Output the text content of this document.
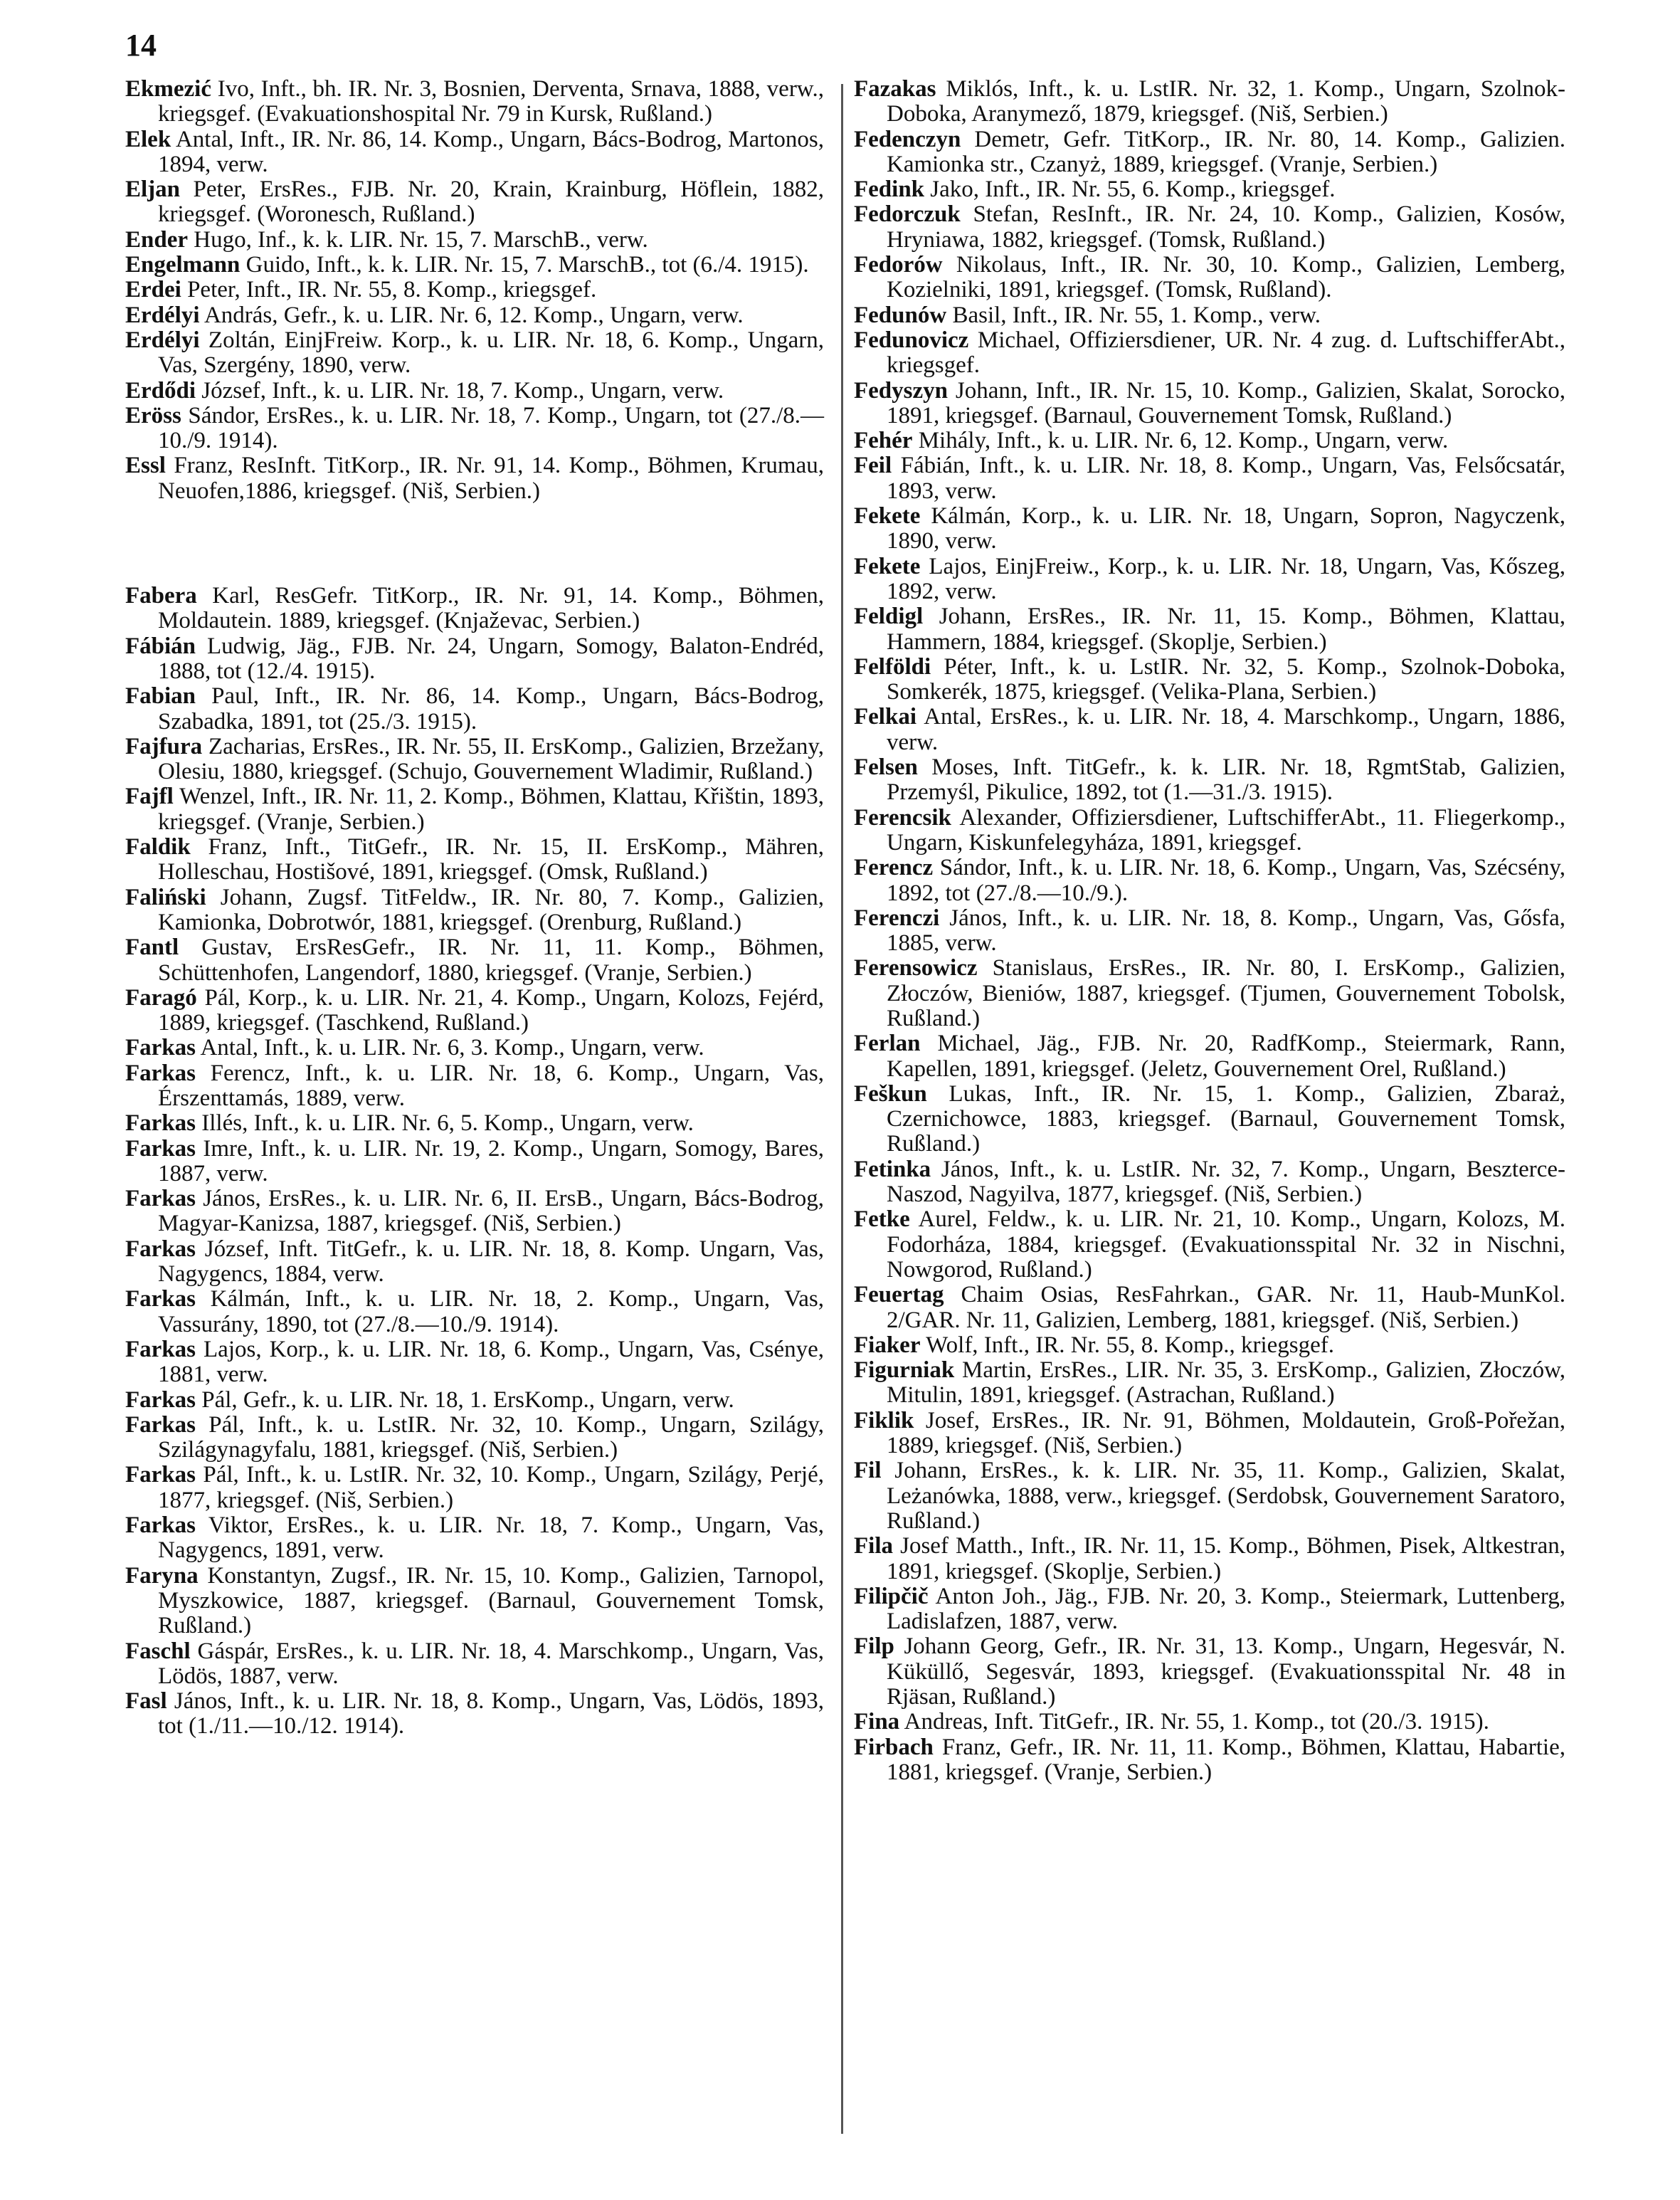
14

Ekmezić Ivo, Inft., bh. IR. Nr. 3, Bosnien, Derventa, Srnava, 1888, verw., kriegsgef. (Evakuationshospital Nr. 79 in Kursk, Rußland.)

Elek Antal, Inft., IR. Nr. 86, 14. Komp., Ungarn, Bács-Bodrog, Martonos, 1894, verw.

Eljan Peter, ErsRes., FJB. Nr. 20, Krain, Krainburg, Höflein, 1882, kriegsgef. (Woronesch, Rußland.)

Ender Hugo, Inf., k. k. LIR. Nr. 15, 7. MarschB., verw.

Engelmann Guido, Inft., k. k. LIR. Nr. 15, 7. MarschB., tot (6./4. 1915).

Erdei Peter, Inft., IR. Nr. 55, 8. Komp., kriegsgef.

Erdélyi András, Gefr., k. u. LIR. Nr. 6, 12. Komp., Ungarn, verw.

Erdélyi Zoltán, EinjFreiw. Korp., k. u. LIR. Nr. 18, 6. Komp., Ungarn, Vas, Szergény, 1890, verw.

Erdődi József, Inft., k. u. LIR. Nr. 18, 7. Komp., Ungarn, verw.

Eröss Sándor, ErsRes., k. u. LIR. Nr. 18, 7. Komp., Ungarn, tot (27./8.—10./9. 1914).

Essl Franz, ResInft. TitKorp., IR. Nr. 91, 14. Komp., Böhmen, Krumau, Neuofen,1886, kriegsgef. (Niš, Serbien.)

Fabera Karl, ResGefr. TitKorp., IR. Nr. 91, 14. Komp., Böhmen, Moldautein. 1889, kriegsgef. (Knjaževac, Serbien.)

Fábián Ludwig, Jäg., FJB. Nr. 24, Ungarn, Somogy, Balaton-Endréd, 1888, tot (12./4. 1915).

Fabian Paul, Inft., IR. Nr. 86, 14. Komp., Ungarn, Bács-Bodrog, Szabadka, 1891, tot (25./3. 1915).

Fajfura Zacharias, ErsRes., IR. Nr. 55, II. ErsKomp., Galizien, Brzežany, Olesiu, 1880, kriegsgef. (Schujo, Gouvernement Wladimir, Rußland.)

Fajfl Wenzel, Inft., IR. Nr. 11, 2. Komp., Böhmen, Klattau, Křištin, 1893, kriegsgef. (Vranje, Serbien.)

Faldik Franz, Inft., TitGefr., IR. Nr. 15, II. ErsKomp., Mähren, Holleschau, Hostišové, 1891, kriegsgef. (Omsk, Rußland.)

Faliński Johann, Zugsf. TitFeldw., IR. Nr. 80, 7. Komp., Galizien, Kamionka, Dobrotwór, 1881, kriegsgef. (Orenburg, Rußland.)

Fantl Gustav, ErsResGefr., IR. Nr. 11, 11. Komp., Böhmen, Schüttenhofen, Langendorf, 1880, kriegsgef. (Vranje, Serbien.)

Faragó Pál, Korp., k. u. LIR. Nr. 21, 4. Komp., Ungarn, Kolozs, Fejérd, 1889, kriegsgef. (Taschkend, Rußland.)

Farkas Antal, Inft., k. u. LIR. Nr. 6, 3. Komp., Ungarn, verw.

Farkas Ferencz, Inft., k. u. LIR. Nr. 18, 6. Komp., Ungarn, Vas, Érszenttamás, 1889, verw.

Farkas Illés, Inft., k. u. LIR. Nr. 6, 5. Komp., Ungarn, verw.

Farkas Imre, Inft., k. u. LIR. Nr. 19, 2. Komp., Ungarn, Somogy, Bares, 1887, verw.

Farkas János, ErsRes., k. u. LIR. Nr. 6, II. ErsB., Ungarn, Bács-Bodrog, Magyar-Kanizsa, 1887, kriegsgef. (Niš, Serbien.)

Farkas József, Inft. TitGefr., k. u. LIR. Nr. 18, 8. Komp. Ungarn, Vas, Nagygencs, 1884, verw.

Farkas Kálmán, Inft., k. u. LIR. Nr. 18, 2. Komp., Ungarn, Vas, Vassurány, 1890, tot (27./8.—10./9. 1914).

Farkas Lajos, Korp., k. u. LIR. Nr. 18, 6. Komp., Ungarn, Vas, Csénye, 1881, verw.

Farkas Pál, Gefr., k. u. LIR. Nr. 18, 1. ErsKomp., Ungarn, verw.

Farkas Pál, Inft., k. u. LstIR. Nr. 32, 10. Komp., Ungarn, Szilágy, Szilágynagyfalu, 1881, kriegsgef. (Niš, Serbien.)

Farkas Pál, Inft., k. u. LstIR. Nr. 32, 10. Komp., Ungarn, Szilágy, Perjé, 1877, kriegsgef. (Niš, Serbien.)

Farkas Viktor, ErsRes., k. u. LIR. Nr. 18, 7. Komp., Ungarn, Vas, Nagygencs, 1891, verw.

Faryna Konstantyn, Zugsf., IR. Nr. 15, 10. Komp., Galizien, Tarnopol, Myszkowice, 1887, kriegsgef. (Barnaul, Gouvernement Tomsk, Rußland.)

Faschl Gáspár, ErsRes., k. u. LIR. Nr. 18, 4. Marschkomp., Ungarn, Vas, Lödös, 1887, verw.

Fasl János, Inft., k. u. LIR. Nr. 18, 8. Komp., Ungarn, Vas, Lödös, 1893, tot (1./11.—10./12. 1914).

Fazakas Miklós, Inft., k. u. LstIR. Nr. 32, 1. Komp., Ungarn, Szolnok-Doboka, Aranymező, 1879, kriegsgef. (Niš, Serbien.)

Fedenczyn Demetr, Gefr. TitKorp., IR. Nr. 80, 14. Komp., Galizien. Kamionka str., Czanyż, 1889, kriegsgef. (Vranje, Serbien.)

Fedink Jako, Inft., IR. Nr. 55, 6. Komp., kriegsgef.

Fedorczuk Stefan, ResInft., IR. Nr. 24, 10. Komp., Galizien, Kosów, Hryniawa, 1882, kriegsgef. (Tomsk, Rußland.)

Fedorów Nikolaus, Inft., IR. Nr. 30, 10. Komp., Galizien, Lemberg, Kozielniki, 1891, kriegsgef. (Tomsk, Rußland).

Fedunów Basil, Inft., IR. Nr. 55, 1. Komp., verw.

Fedunovicz Michael, Offiziersdiener, UR. Nr. 4 zug. d. LuftschifferAbt., kriegsgef.

Fedyszyn Johann, Inft., IR. Nr. 15, 10. Komp., Galizien, Skalat, Sorocko, 1891, kriegsgef. (Barnaul, Gouvernement Tomsk, Rußland.)

Fehér Mihály, Inft., k. u. LIR. Nr. 6, 12. Komp., Ungarn, verw.

Feil Fábián, Inft., k. u. LIR. Nr. 18, 8. Komp., Ungarn, Vas, Felsőcsatár, 1893, verw.

Fekete Kálmán, Korp., k. u. LIR. Nr. 18, Ungarn, Sopron, Nagyczenk, 1890, verw.

Fekete Lajos, EinjFreiw., Korp., k. u. LIR. Nr. 18, Ungarn, Vas, Kőszeg, 1892, verw.

Feldigl Johann, ErsRes., IR. Nr. 11, 15. Komp., Böhmen, Klattau, Hammern, 1884, kriegsgef. (Skoplje, Serbien.)

Felföldi Péter, Inft., k. u. LstIR. Nr. 32, 5. Komp., Szolnok-Doboka, Somkerék, 1875, kriegsgef. (Velika-Plana, Serbien.)

Felkai Antal, ErsRes., k. u. LIR. Nr. 18, 4. Marschkomp., Ungarn, 1886, verw.

Felsen Moses, Inft. TitGefr., k. k. LIR. Nr. 18, RgmtStab, Galizien, Przemyśl, Pikulice, 1892, tot (1.—31./3. 1915).

Ferencsik Alexander, Offiziersdiener, LuftschifferAbt., 11. Fliegerkomp., Ungarn, Kiskunfelegyháza, 1891, kriegsgef.

Ferencz Sándor, Inft., k. u. LIR. Nr. 18, 6. Komp., Ungarn, Vas, Szécsény, 1892, tot (27./8.—10./9.).

Ferenczi János, Inft., k. u. LIR. Nr. 18, 8. Komp., Ungarn, Vas, Gősfa, 1885, verw.

Ferensowicz Stanislaus, ErsRes., IR. Nr. 80, I. ErsKomp., Galizien, Złoczów, Bieniów, 1887, kriegsgef. (Tjumen, Gouvernement Tobolsk, Rußland.)

Ferlan Michael, Jäg., FJB. Nr. 20, RadfKomp., Steiermark, Rann, Kapellen, 1891, kriegsgef. (Jeletz, Gouvernement Orel, Rußland.)

Feškun Lukas, Inft., IR. Nr. 15, 1. Komp., Galizien, Zbaraż, Czernichowce, 1883, kriegsgef. (Barnaul, Gouvernement Tomsk, Rußland.)

Fetinka János, Inft., k. u. LstIR. Nr. 32, 7. Komp., Ungarn, Beszterce-Naszod, Nagyilva, 1877, kriegsgef. (Niš, Serbien.)

Fetke Aurel, Feldw., k. u. LIR. Nr. 21, 10. Komp., Ungarn, Kolozs, M. Fodorháza, 1884, kriegsgef. (Evakuationsspital Nr. 32 in Nischni, Nowgorod, Rußland.)

Feuertag Chaim Osias, ResFahrkan., GAR. Nr. 11, Haub-MunKol. 2/GAR. Nr. 11, Galizien, Lemberg, 1881, kriegsgef. (Niš, Serbien.)

Fiaker Wolf, Inft., IR. Nr. 55, 8. Komp., kriegsgef.

Figurniak Martin, ErsRes., LIR. Nr. 35, 3. ErsKomp., Galizien, Złoczów, Mitulin, 1891, kriegsgef. (Astrachan, Rußland.)

Fiklik Josef, ErsRes., IR. Nr. 91, Böhmen, Moldautein, Groß-Pořežan, 1889, kriegsgef. (Niš, Serbien.)

Fil Johann, ErsRes., k. k. LIR. Nr. 35, 11. Komp., Galizien, Skalat, Leżanówka, 1888, verw., kriegsgef. (Serdobsk, Gouvernement Saratoro, Rußland.)

Fila Josef Matth., Inft., IR. Nr. 11, 15. Komp., Böhmen, Pisek, Altkestran, 1891, kriegsgef. (Skoplje, Serbien.)

Filipčič Anton Joh., Jäg., FJB. Nr. 20, 3. Komp., Steiermark, Luttenberg, Ladislafzen, 1887, verw.

Filp Johann Georg, Gefr., IR. Nr. 31, 13. Komp., Ungarn, Hegesvár, N. Küküllő, Segesvár, 1893, kriegsgef. (Evakuationsspital Nr. 48 in Rjäsan, Rußland.)

Fina Andreas, Inft. TitGefr., IR. Nr. 55, 1. Komp., tot (20./3. 1915).

Firbach Franz, Gefr., IR. Nr. 11, 11. Komp., Böhmen, Klattau, Habartie, 1881, kriegsgef. (Vranje, Serbien.)
